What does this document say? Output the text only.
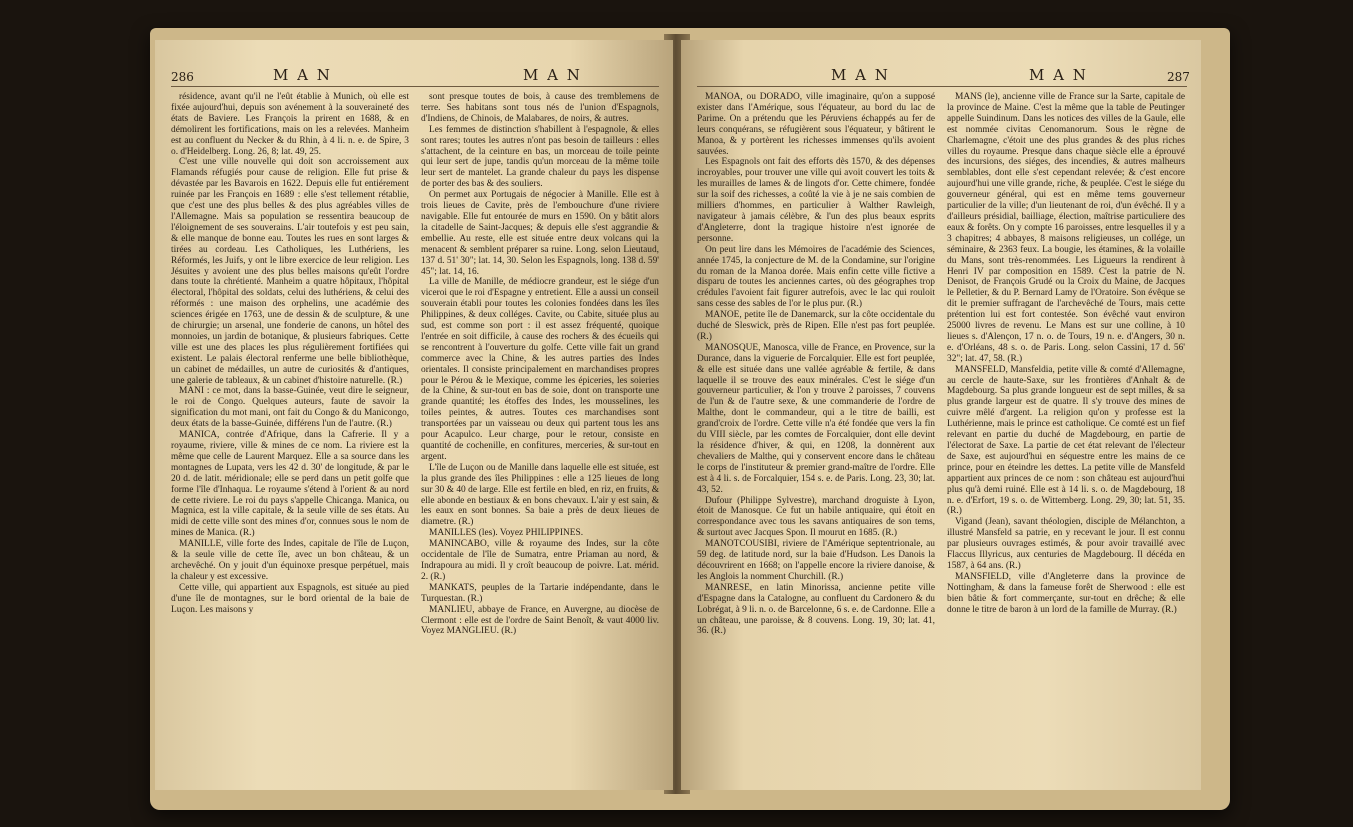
286	M A N	M A N

résidence, avant qu'il ne l'eût établie à Munich, où elle est fixée aujourd'hui, depuis son avénement à la souveraineté des états de Baviere. Les François la prirent en 1688, & en démolirent les fortifications, mais on les a relevées. Manheim est au confluent du Necker & du Rhin, à 4 li. n. e. de Spire, 3 o. d'Heidelberg. Long. 26, 8; lat. 49, 25.

C'est une ville nouvelle qui doit son accroissement aux Flamands réfugiés pour cause de religion. Elle fut prise & dévastée par les Bavarois en 1622. Depuis elle fut entiérement ruinée par les François en 1689 : elle s'est tellement rétablie, que c'est une des plus belles & des plus agréables villes de l'Allemagne. Mais sa population se ressentira beaucoup de l'éloignement de ses souverains. L'air toutefois y est peu sain, & elle manque de bonne eau. Toutes les rues en sont larges & tirées au cordeau. Les Catholiques, les Luthériens, les Réformés, les Juifs, y ont le libre exercice de leur religion. Les Jésuites y avoient une des plus belles maisons qu'eût l'ordre dans toute la chrétienté. Manheim a quatre hôpitaux, l'hôpital électoral, l'hôpital des soldats, celui des luthériens, & celui des réformés : une maison des orphelins, une académie des sciences érigée en 1763, une de dessin & de sculpture, & une de chirurgie; un arsenal, une fonderie de canons, un hôtel des monnoies, un jardin de botanique, & plusieurs fabriques. Cette ville est une des places les plus régulièrement fortifiées qui existent. Le palais électoral renferme une belle bibliothèque, un cabinet de médailles, un autre de curiosités & d'antiques, une galerie de tableaux, & un cabinet d'histoire naturelle. (R.)

MANI : ce mot, dans la basse-Guinée, veut dire le seigneur, le roi de Congo. Quelques auteurs, faute de savoir la signification du mot mani, ont fait du Congo & du Manicongo, deux états de la basse-Guinée, différens l'un de l'autre. (R.)

MANICA, contrée d'Afrique, dans la Cafrerie. Il y a royaume, riviere, ville & mines de ce nom. La riviere est la même que celle de Laurent Marquez. Elle a sa source dans les montagnes de Lupata, vers les 42 d. 30' de longitude, & par le 20 d. de latit. méridionale; elle se perd dans un petit golfe que forme l'île d'Inhaqua. Le royaume s'étend à l'orient & au nord de cette riviere. Le roi du pays s'appelle Chicanga. Manica, ou Magnica, est la ville capitale, & la seule ville de ses états. Au midi de cette ville sont des mines d'or, connues sous le nom de mines de Manica. (R.)

MANILLE, ville forte des Indes, capitale de l'île de Luçon, & la seule ville de cette île, avec un bon château, & un archevêché. On y jouit d'un équinoxe presque perpétuel, mais la chaleur y est excessive.

Cette ville, qui appartient aux Espagnols, est située au pied d'une île de montagnes, sur le bord oriental de la baie de Luçon. Les maisons y

sont presque toutes de bois, à cause des tremblemens de terre. Ses habitans sont tous nés de l'union d'Espagnols, d'Indiens, de Chinois, de Malabares, de noirs, & autres.

Les femmes de distinction s'habillent à l'espagnole, & elles sont rares; toutes les autres n'ont pas besoin de tailleurs : elles s'attachent, de la ceinture en bas, un morceau de toile peinte qui leur sert de jupe, tandis qu'un morceau de la même toile leur sert de mantelet. La grande chaleur du pays les dispense de porter des bas & des souliers.

On permet aux Portugais de négocier à Manille. Elle est à trois lieues de Cavite, près de l'embouchure d'une riviere navigable. Elle fut entourée de murs en 1590. On y bâtit alors la citadelle de Saint-Jacques; & depuis elle s'est aggrandie & embellie. Au reste, elle est située entre deux volcans qui la menacent & semblent préparer sa ruine. Long. selon Lieutaud, 137 d. 51' 30"; lat. 14, 30. Selon les Espagnols, long. 138 d. 59' 45"; lat. 14, 16.

La ville de Manille, de médiocre grandeur, est le siége d'un viceroi que le roi d'Espagne y entretient. Elle a aussi un conseil souverain établi pour toutes les colonies fondées dans les îles Philippines, & deux colléges. Cavite, ou Cabite, située plus au sud, est comme son port : il est assez fréquenté, quoique l'entrée en soit difficile, à cause des rochers & des écueils qui se rencontrent à l'ouverture du golfe. Cette ville fait un grand commerce avec la Chine, & les autres parties des Indes orientales. Il consiste principalement en marchandises propres pour le Pérou & le Mexique, comme les épiceries, les soieries de la Chine, & sur-tout en bas de soie, dont on transporte une grande quantité; les étoffes des Indes, les mousselines, les toiles peintes, & autres. Toutes ces marchandises sont transportées par un vaisseau ou deux qui partent tous les ans pour Acapulco. Leur charge, pour le retour, consiste en quantité de cochenille, en confitures, merceries, & sur-tout en argent.

L'île de Luçon ou de Manille dans laquelle elle est située, est la plus grande des îles Philippines : elle a 125 lieues de long sur 30 & 40 de large. Elle est fertile en bled, en riz, en fruits, & elle abonde en bestiaux & en bons chevaux. L'air y est sain, & les eaux en sont bonnes. Sa baie a près de deux lieues de diametre. (R.)

MANILLES (les). Voyez PHILIPPINES.

MANINCABO, ville & royaume des Indes, sur la côte occidentale de l'île de Sumatra, entre Priaman au nord, & Indrapoura au midi. Il y croît beaucoup de poivre. Lat. mérid. 2. (R.)

MANKATS, peuples de la Tartarie indépendante, dans le Turquestan. (R.)

MANLIEU, abbaye de France, en Auvergne, au diocèse de Clermont : elle est de l'ordre de Saint Benoît, & vaut 4000 liv. Voyez MANGLIEU. (R.)

M A N	M A N	287

MANOA, ou DORADO, ville imaginaire, qu'on a supposé exister dans l'Amérique, sous l'équateur, au bord du lac de Parime. On a prétendu que les Péruviens échappés au fer de leurs conquérans, se réfugièrent sous l'équateur, y bâtirent le Manoa, & y portèrent les richesses immenses qu'ils avoient sauvées.

Les Espagnols ont fait des efforts dès 1570, & des dépenses incroyables, pour trouver une ville qui avoit couvert les toits & les murailles de lames & de lingots d'or. Cette chimere, fondée sur la soif des richesses, a coûté la vie à je ne sais combien de milliers d'hommes, en particulier à Walther Rawleigh, navigateur à jamais célèbre, & l'un des plus beaux esprits d'Angleterre, dont la tragique histoire n'est ignorée de personne.

On peut lire dans les Mémoires de l'académie des Sciences, année 1745, la conjecture de M. de la Condamine, sur l'origine du roman de la Manoa dorée. Mais enfin cette ville fictive a disparu de toutes les anciennes cartes, où des géographes trop crédules l'avoient fait figurer autrefois, avec le lac qui rouloit sans cesse des sables de l'or le plus pur. (R.)

MANOE, petite île de Danemarck, sur la côte occidentale du duché de Sleswick, près de Ripen. Elle n'est pas fort peuplée. (R.)

MANOSQUE, Manosca, ville de France, en Provence, sur la Durance, dans la viguerie de Forcalquier. Elle est fort peuplée, & elle est située dans une vallée agréable & fertile, & dans laquelle il se trouve des eaux minérales. C'est le siége d'un gouverneur particulier, & l'on y trouve 2 paroisses, 7 couvens de l'un & de l'autre sexe, & une commanderie de l'ordre de Malthe, dont le commandeur, qui a le titre de bailli, est grand'croix de l'ordre. Cette ville n'a été fondée que vers la fin du VIII siècle, par les comtes de Forcalquier, dont elle devint la résidence d'hiver, & qui, en 1208, la donnèrent aux chevaliers de Malthe, qui y conservent encore dans le château le corps de l'instituteur & premier grand-maître de l'ordre. Elle est à 4 li. s. de Forcalquier, 154 s. e. de Paris. Long. 23, 30; lat. 43, 52.

Dufour (Philippe Sylvestre), marchand droguiste à Lyon, étoit de Manosque. Ce fut un habile antiquaire, qui étoit en correspondance avec tous les savans antiquaires de son tems, & surtout avec Jacques Spon. Il mourut en 1685. (R.)

MANOTCOUSIBI, riviere de l'Amérique septentrionale, au 59 deg. de latitude nord, sur la baie d'Hudson. Les Danois la découvrirent en 1668; on l'appelle encore la riviere danoise, & les Anglois la nomment Churchill. (R.)

MANRESE, en latin Minorissa, ancienne petite ville d'Espagne dans la Catalogne, au confluent du Cardonero & du Lobrégat, à 9 li. n. o. de Barcelonne, 6 s. e. de Cardonne. Elle a un château, une paroisse, & 8 couvens. Long. 19, 30; lat. 41, 36. (R.)

MANS (le), ancienne ville de France sur la Sarte, capitale de la province de Maine. C'est la même que la table de Peutinger appelle Suindinum. Dans les notices des villes de la Gaule, elle est nommée civitas Cenomanorum. Sous le règne de Charlemagne, c'étoit une des plus grandes & des plus riches villes du royaume. Presque dans chaque siècle elle a éprouvé des incursions, des siéges, des incendies, & autres malheurs semblables, dont elle s'est cependant relevée; & c'est encore aujourd'hui une ville grande, riche, & peuplée. C'est le siége du gouverneur général, qui est en même tems gouverneur particulier de la ville; d'un lieutenant de roi, d'un évêché. Il y a d'ailleurs présidial, bailliage, élection, maîtrise particuliere des eaux & forêts. On y compte 16 paroisses, entre lesquelles il y a 3 chapitres; 4 abbayes, 8 maisons religieuses, un collége, un séminaire, & 2363 feux. La bougie, les étamines, & la volaille du Mans, sont très-renommées. Les Ligueurs la rendirent à Henri IV par composition en 1589. C'est la patrie de N. Denisot, de François Grudé ou la Croix du Maine, de Jacques le Pelletier, & du P. Bernard Lamy de l'Oratoire. Son évêque se dit le premier suffragant de l'archevêché de Tours, mais cette prétention lui est fort contestée. Son évêché vaut environ 25000 livres de revenu. Le Mans est sur une colline, à 10 lieues s. d'Alençon, 17 n. o. de Tours, 19 n. e. d'Angers, 30 n. e. d'Orléans, 48 s. o. de Paris. Long. selon Cassini, 17 d. 56' 32"; lat. 47, 58. (R.)

MANSFELD, Mansfeldia, petite ville & comté d'Allemagne, au cercle de haute-Saxe, sur les frontières d'Anhalt & de Magdebourg. Sa plus grande longueur est de sept milles, & sa plus grande largeur est de quatre. Il s'y trouve des mines de cuivre mêlé d'argent. La religion qu'on y professe est la Luthérienne, mais le prince est catholique. Ce comté est un fief relevant en partie du duché de Magdebourg, en partie de l'électorat de Saxe. La partie de cet état relevant de l'électeur de Saxe, est aujourd'hui en séquestre entre les mains de ce prince, pour en éteindre les dettes. La petite ville de Mansfeld appartient aux princes de ce nom : son château est aujourd'hui plus qu'à demi ruiné. Elle est à 14 li. s. o. de Magdebourg, 18 n. e. d'Erfort, 19 s. o. de Wittemberg. Long. 29, 30; lat. 51, 35. (R.)

Vigand (Jean), savant théologien, disciple de Mélanchton, a illustré Mansfeld sa patrie, en y recevant le jour. Il est connu par plusieurs ouvrages estimés, & pour avoir travaillé avec Flaccus Illyricus, aux centuries de Magdebourg. Il décéda en 1587, à 64 ans. (R.)

MANSFIELD, ville d'Angleterre dans la province de Nottingham, & dans la fameuse forêt de Sherwood : elle est bien bâtie & fort commerçante, sur-tout en drêche; & elle donne le titre de baron à un lord de la famille de Murray. (R.)
